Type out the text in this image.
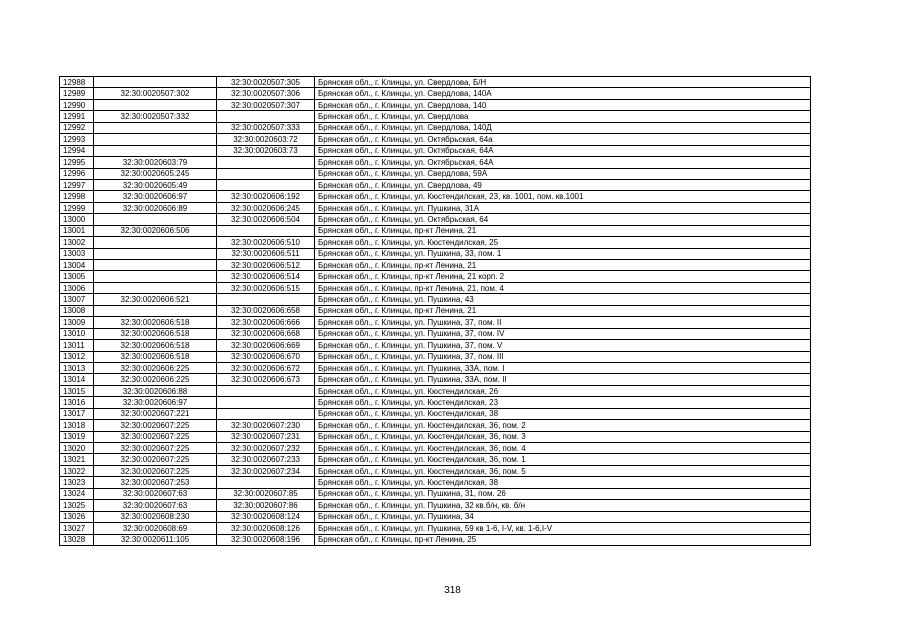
12988		32:30:0020507:305	Брянская обл., г. Клинцы, ул. Свердлова, Б/Н
12989	32:30:0020507:302	32:30:0020507:306	Брянская обл., г. Клинцы, ул. Свердлова, 140А
12990		32:30:0020507:307	Брянская обл., г. Клинцы, ул. Свердлова, 140
12991	32:30:0020507:332		Брянская обл., г. Клинцы, ул. Свердлова
12992		32:30:0020507:333	Брянская обл., г. Клинцы, ул. Свердлова, 140Д
12993		32:30:0020603:72	Брянская обл., г. Клинцы, ул. Октябрьская, 64а
12994		32:30:0020603:73	Брянская обл., г. Клинцы, ул. Октябрьская, 64А
12995	32:30:0020603:79		Брянская обл., г. Клинцы, ул. Октябрьская, 64А
12996	32:30:0020605:245		Брянская обл., г. Клинцы, ул. Свердлова, 59А
12997	32:30:0020605:49		Брянская обл., г. Клинцы, ул. Свердлова, 49
12998	32:30:0020606:97	32:30:0020606:192	Брянская обл., г. Клинцы, ул. Кюстендилская, 23, кв. 1001, пом. кв.1001
12999	32:30:0020606:89	32:30:0020606:245	Брянская обл., г. Клинцы, ул. Пушкина, 31А
13000		32:30:0020606:504	Брянская обл., г. Клинцы, ул. Октябрьская, 64
13001	32:30:0020606:506		Брянская обл., г. Клинцы, пр-кт Ленина, 21
13002		32:30:0020606:510	Брянская обл., г. Клинцы, ул. Кюстендилская, 25
13003		32:30:0020606:511	Брянская обл., г. Клинцы, ул. Пушкина, 33, пом. 1
13004		32:30:0020606:512	Брянская обл., г. Клинцы, пр-кт Ленина, 21
13005		32:30:0020606:514	Брянская обл., г. Клинцы, пр-кт Ленина, 21 корп. 2
13006		32:30:0020606:515	Брянская обл., г. Клинцы, пр-кт Ленина, 21, пом. 4
13007	32:30:0020606:521		Брянская обл., г. Клинцы, ул. Пушкина, 43
13008		32:30:0020606:658	Брянская обл., г. Клинцы, пр-кт Ленина, 21
13009	32:30:0020606:518	32:30:0020606:666	Брянская обл., г. Клинцы, ул. Пушкина, 37, пом. II
13010	32:30:0020606:518	32:30:0020606:668	Брянская обл., г. Клинцы, ул. Пушкина, 37, пом. IV
13011	32:30:0020606:518	32:30:0020606:669	Брянская обл., г. Клинцы, ул. Пушкина, 37, пом. V
13012	32:30:0020606:518	32:30:0020606:670	Брянская обл., г. Клинцы, ул. Пушкина, 37, пом. III
13013	32:30:0020606:225	32:30:0020606:672	Брянская обл., г. Клинцы, ул. Пушкина, 33А, пом. I
13014	32:30:0020606:225	32:30:0020606:673	Брянская обл., г. Клинцы, ул. Пушкина, 33А, пом. II
13015	32:30:0020606:88		Брянская обл., г. Клинцы, ул. Кюстендилская, 26
13016	32:30:0020606:97		Брянская обл., г. Клинцы, ул. Кюстендилская, 23
13017	32:30:0020607:221		Брянская обл., г. Клинцы, ул. Кюстендилская, 38
13018	32:30:0020607:225	32:30:0020607:230	Брянская обл., г. Клинцы, ул. Кюстендилская, 36, пом. 2
13019	32:30:0020607:225	32:30:0020607:231	Брянская обл., г. Клинцы, ул. Кюстендилская, 36, пом. 3
13020	32:30:0020607:225	32:30:0020607:232	Брянская обл., г. Клинцы, ул. Кюстендилская, 36, пом. 4
13021	32:30:0020607:225	32:30:0020607:233	Брянская обл., г. Клинцы, ул. Кюстендилская, 36, пом. 1
13022	32:30:0020607:225	32:30:0020607:234	Брянская обл., г. Клинцы, ул. Кюстендилская, 36, пом. 5
13023	32:30:0020607:253		Брянская обл., г. Клинцы, ул. Кюстендилская, 38
13024	32:30:0020607:63	32:30:0020607:85	Брянская обл., г. Клинцы, ул. Пушкина, 31, пом. 26
13025	32:30:0020607:63	32:30:0020607:86	Брянская обл., г. Клинцы, ул. Пушкина, 32 кв.б/н, кв. б/н
13026	32:30:0020608:230	32:30:0020608:124	Брянская обл., г. Клинцы, ул. Пушкина, 34
13027	32:30:0020608:69	32:30:0020608:126	Брянская обл., г. Клинцы, ул. Пушкина, 59 кв 1-6, I-V, кв. 1-6,I-V
13028	32:30:0020611:105	32:30:0020608:196	Брянская обл., г. Клинцы, пр-кт Ленина, 25
318
